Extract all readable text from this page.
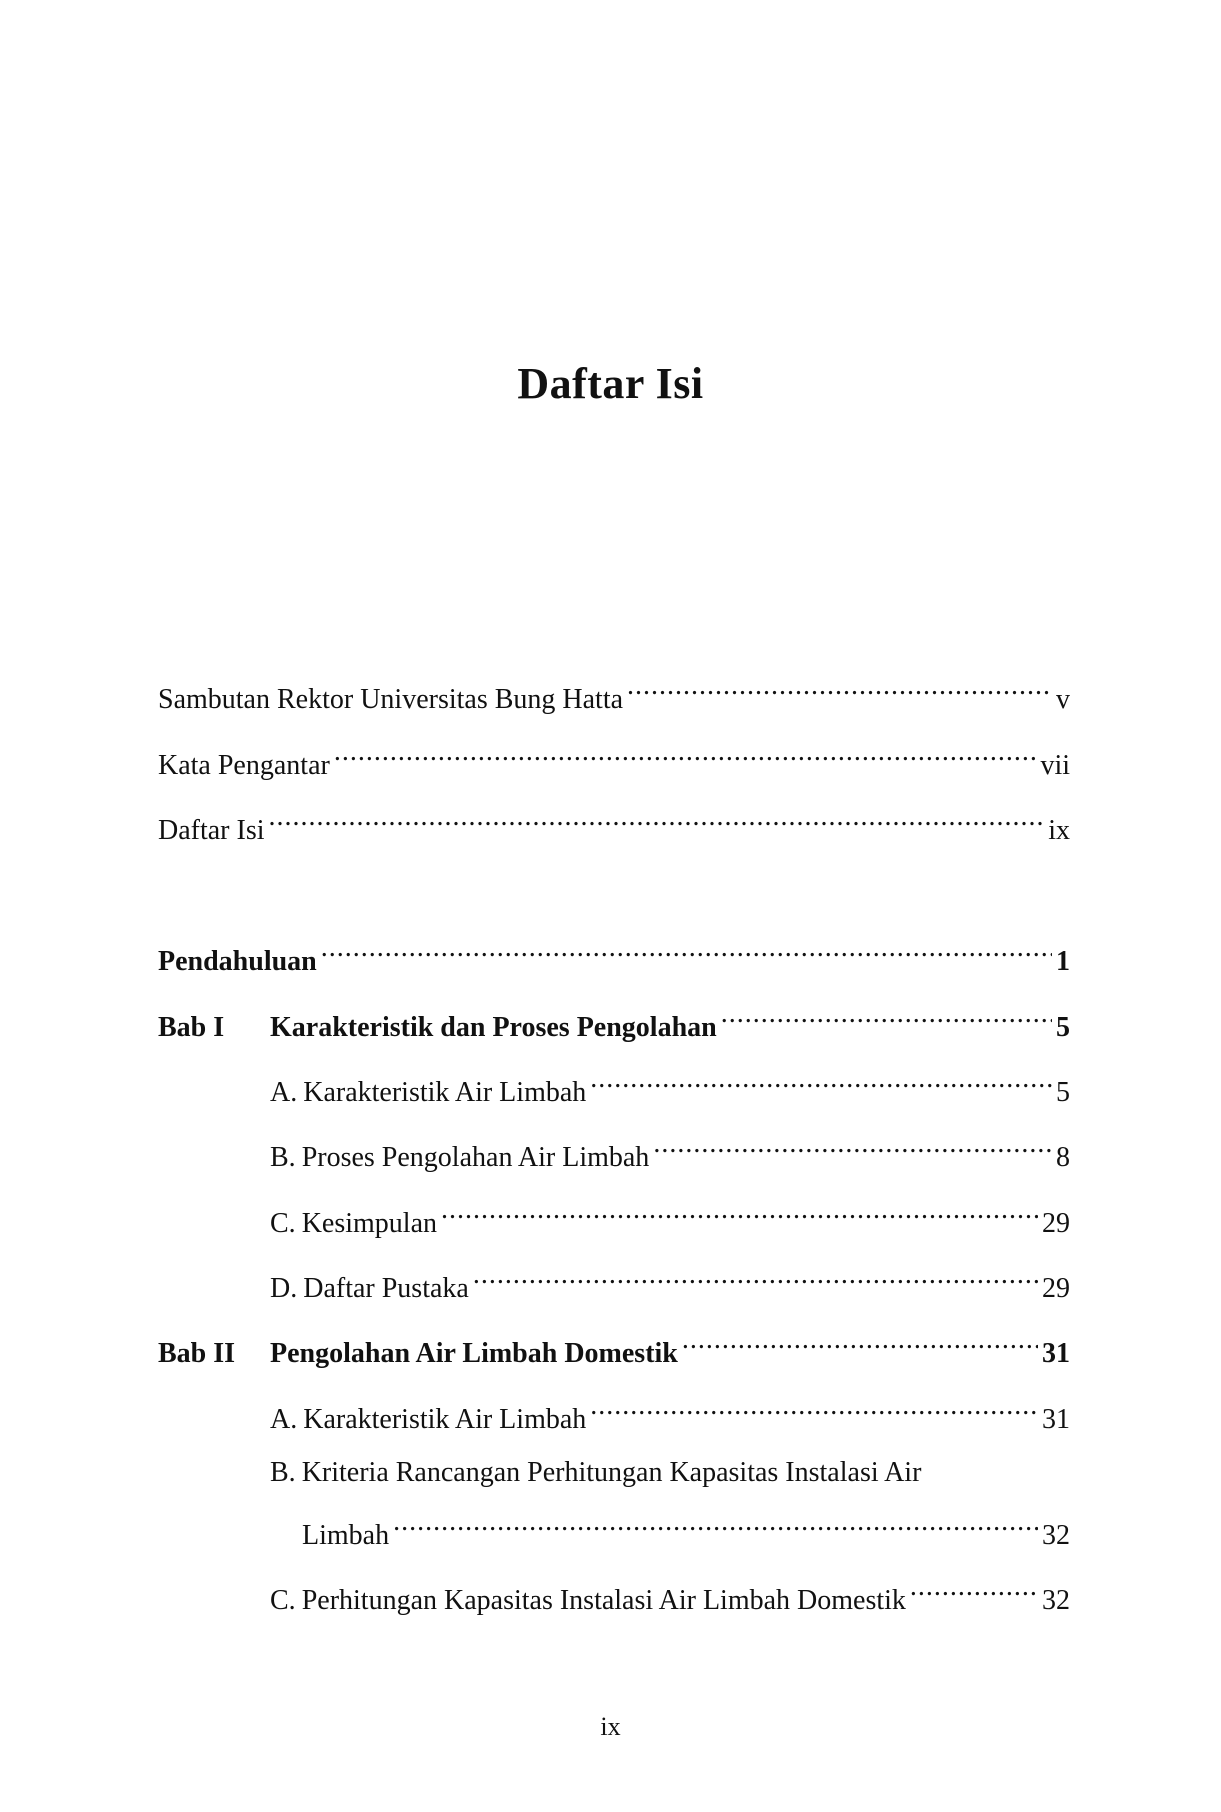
Daftar Isi
Sambutan Rektor Universitas Bung Hatta .....	v
Kata Pengantar .....	vii
Daftar Isi .....	ix
Pendahuluan .....	1
Bab I	Karakteristik dan Proses Pengolahan .....	5
A. Karakteristik Air Limbah .....	5
B. Proses Pengolahan Air Limbah .....	8
C. Kesimpulan .....	29
D. Daftar Pustaka .....	29
Bab II	Pengolahan Air Limbah Domestik .....	31
A. Karakteristik Air Limbah .....	31
B. Kriteria Rancangan Perhitungan Kapasitas Instalasi Air
Limbah .....	32
C. Perhitungan Kapasitas Instalasi Air Limbah Domestik .....	32
ix
